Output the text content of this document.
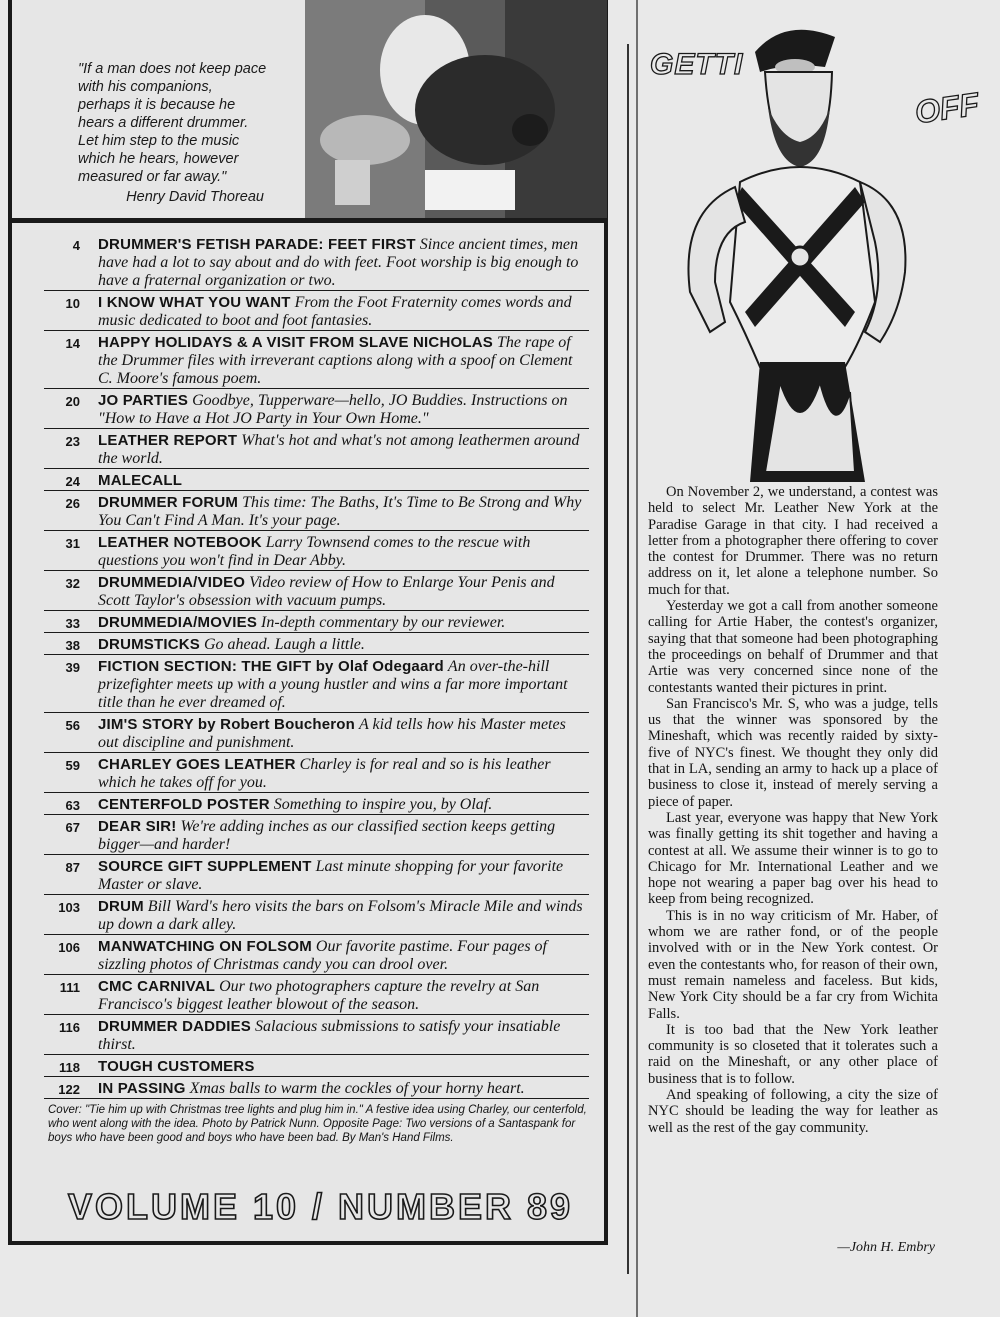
"If a man does not keep pace with his companions, perhaps it is because he hears a different drummer. Let him step to the music which he hears, however measured or far away."
Henry David Thoreau
4 DRUMMER'S FETISH PARADE: FEET FIRST Since ancient times, men have had a lot to say about and do with feet. Foot worship is big enough to have a fraternal organization or two.
10 I KNOW WHAT YOU WANT From the Foot Fraternity comes words and music dedicated to boot and foot fantasies.
14 HAPPY HOLIDAYS & A VISIT FROM SLAVE NICHOLAS The rape of the Drummer files with irreverant captions along with a spoof on Clement C. Moore's famous poem.
20 JO PARTIES Goodbye, Tupperware—hello, JO Buddies. Instructions on "How to Have a Hot JO Party in Your Own Home."
23 LEATHER REPORT What's hot and what's not among leathermen around the world.
24 MALECALL
26 DRUMMER FORUM This time: The Baths, It's Time to Be Strong and Why You Can't Find A Man. It's your page.
31 LEATHER NOTEBOOK Larry Townsend comes to the rescue with questions you won't find in Dear Abby.
32 DRUMMEDIA/VIDEO Video review of How to Enlarge Your Penis and Scott Taylor's obsession with vacuum pumps.
33 DRUMMEDIA/MOVIES In-depth commentary by our reviewer.
38 DRUMSTICKS Go ahead. Laugh a little.
39 FICTION SECTION: THE GIFT by Olaf Odegaard An over-the-hill prizefighter meets up with a young hustler and wins a far more important title than he ever dreamed of.
56 JIM'S STORY by Robert Boucheron A kid tells how his Master metes out discipline and punishment.
59 CHARLEY GOES LEATHER Charley is for real and so is his leather which he takes off for you.
63 CENTERFOLD POSTER Something to inspire you, by Olaf.
67 DEAR SIR! We're adding inches as our classified section keeps getting bigger—and harder!
87 SOURCE GIFT SUPPLEMENT Last minute shopping for your favorite Master or slave.
103 DRUM Bill Ward's hero visits the bars on Folsom's Miracle Mile and winds up down a dark alley.
106 MANWATCHING ON FOLSOM Our favorite pastime. Four pages of sizzling photos of Christmas candy you can drool over.
111 CMC CARNIVAL Our two photographers capture the revelry at San Francisco's biggest leather blowout of the season.
116 DRUMMER DADDIES Salacious submissions to satisfy your insatiable thirst.
118 TOUGH CUSTOMERS
122 IN PASSING Xmas balls to warm the cockles of your horny heart.
Cover: "Tie him up with Christmas tree lights and plug him in." A festive idea using Charley, our centerfold, who went along with the idea. Photo by Patrick Nunn. Opposite Page: Two versions of a Santaspank for boys who have been good and boys who have been bad. By Man's Hand Films.
VOLUME 10 / NUMBER 89
GETTI
OFF

On November 2, we understand, a contest was held to select Mr. Leather New York at the Paradise Garage in that city. I had received a letter from a photographer there offering to cover the contest for Drummer. There was no return address on it, let alone a telephone number. So much for that.

Yesterday we got a call from another someone calling for Artie Haber, the contest's organizer, saying that that someone had been photographing the proceedings on behalf of Drummer and that Artie was very concerned since none of the contestants wanted their pictures in print.

San Francisco's Mr. S, who was a judge, tells us that the winner was sponsored by the Mineshaft, which was recently raided by sixty-five of NYC's finest. We thought they only did that in LA, sending an army to hack up a place of business to close it, instead of merely serving a piece of paper.

Last year, everyone was happy that New York was finally getting its shit together and having a contest at all. We assume their winner is to go to Chicago for Mr. International Leather and we hope not wearing a paper bag over his head to keep from being recognized.

This is in no way criticism of Mr. Haber, of whom we are rather fond, or of the people involved with or in the New York contest. Or even the contestants who, for reason of their own, must remain nameless and faceless. But kids, New York City should be a far cry from Wichita Falls.

It is too bad that the New York leather community is so closeted that it tolerates such a raid on the Mineshaft, or any other place of business that is to follow.

And speaking of following, a city the size of NYC should be leading the way for leather as well as the rest of the gay community.

—John H. Embry
